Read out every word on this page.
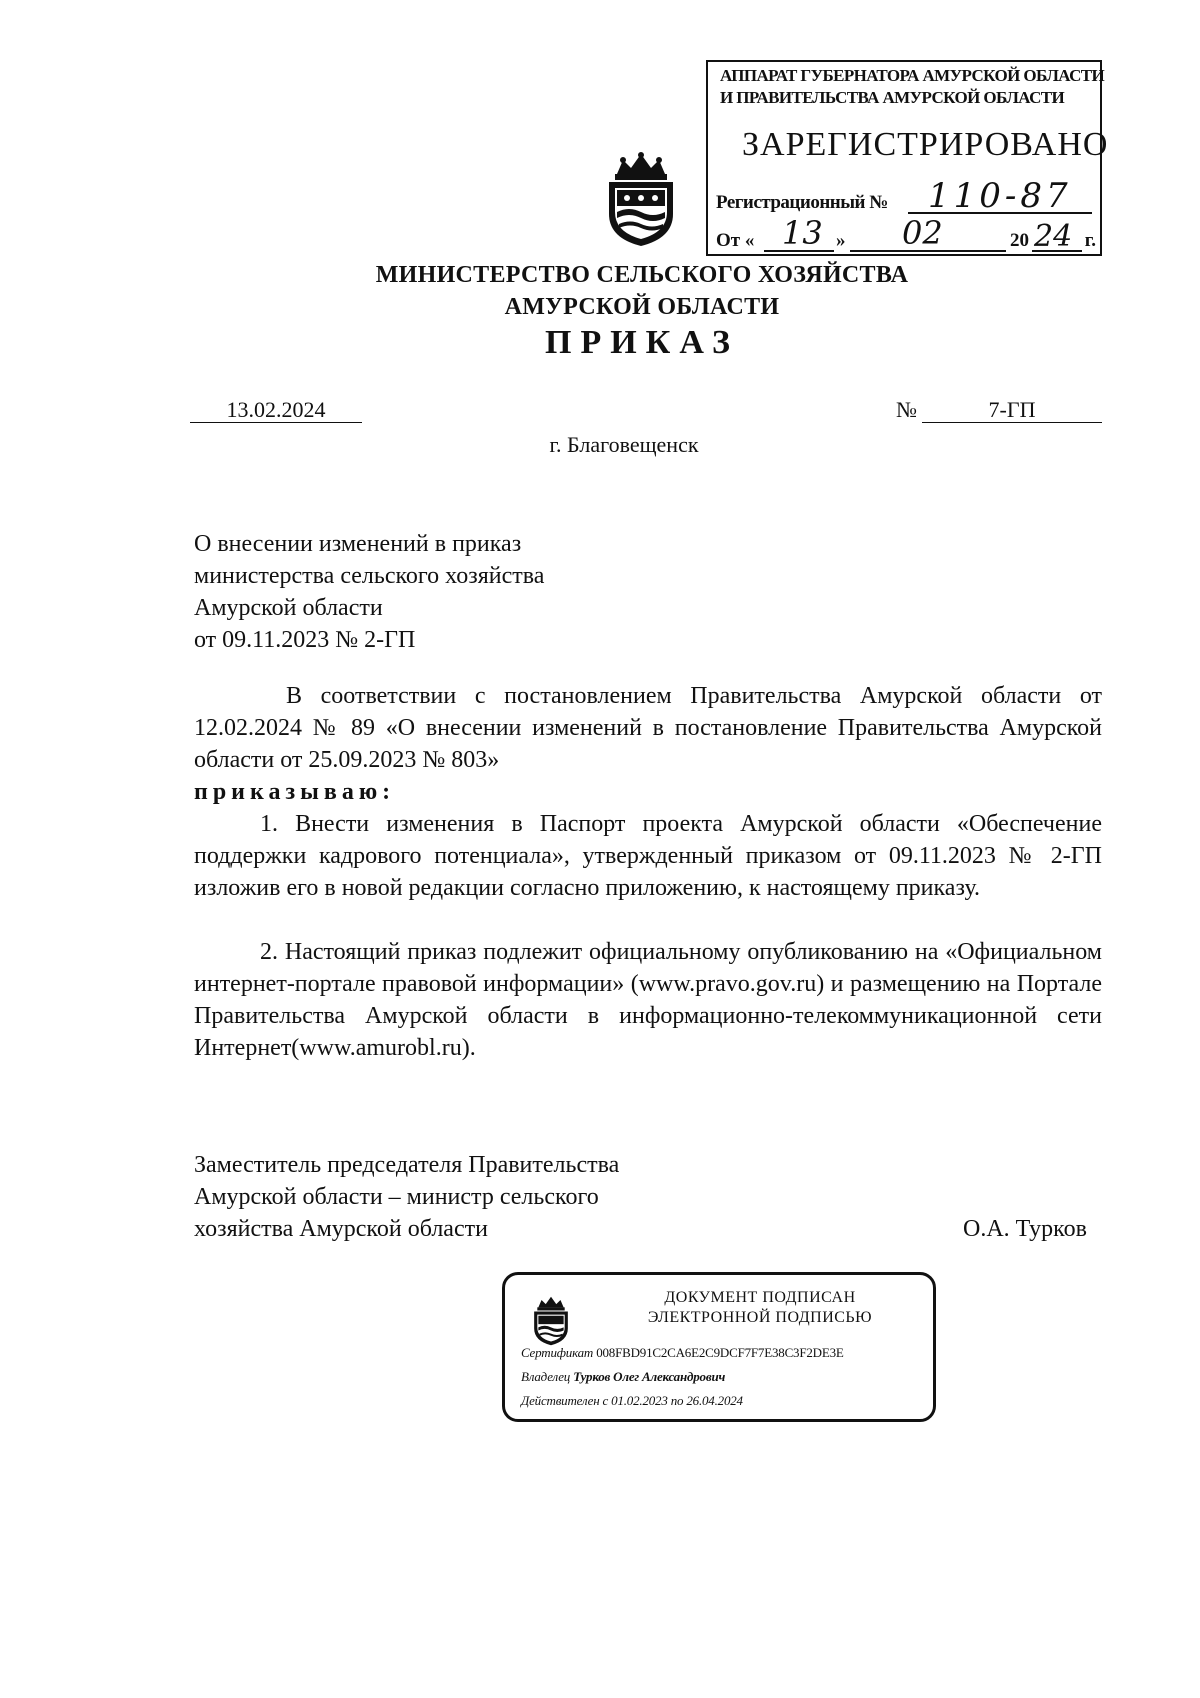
АППАРАТ ГУБЕРНАТОРА АМУРСКОЙ ОБЛАСТИ
И ПРАВИТЕЛЬСТВА АМУРСКОЙ ОБЛАСТИ
ЗАРЕГИСТРИРОВАНО
Регистрационный № 110-87
От « 13 » 02	20 24 г.
МИНИСТЕРСТВО СЕЛЬСКОГО ХОЗЯЙСТВА
АМУРСКОЙ ОБЛАСТИ
ПРИКАЗ
13.02.2024	№	7-ГП
г. Благовещенск
О внесении изменений в приказ
министерства сельского хозяйства
Амурской области
от 09.11.2023 № 2-ГП
В соответствии с постановлением Правительства Амурской области от 12.02.2024 № 89 «О внесении изменений в постановление Правительства Амурской области от 25.09.2023 № 803»
приказываю:
1. Внести изменения в Паспорт проекта Амурской области «Обеспечение поддержки кадрового потенциала», утвержденный приказом от 09.11.2023 № 2-ГП изложив его в новой редакции согласно приложению, к настоящему приказу.
2. Настоящий приказ подлежит официальному опубликованию на «Официальном интернет-портале правовой информации» (www.pravo.gov.ru) и размещению на Портале Правительства Амурской области в информационно-телекоммуникационной сети Интернет(www.amurobl.ru).
Заместитель председателя Правительства
Амурской области – министр сельского
хозяйства Амурской области	О.А. Турков
ДОКУМЕНТ ПОДПИСАН
ЭЛЕКТРОННОЙ ПОДПИСЬЮ
Сертификат 008FBD91C2CA6E2C9DCF7F7E38C3F2DE3E
Владелец Турков Олег Александрович
Действителен с 01.02.2023 по 26.04.2024
